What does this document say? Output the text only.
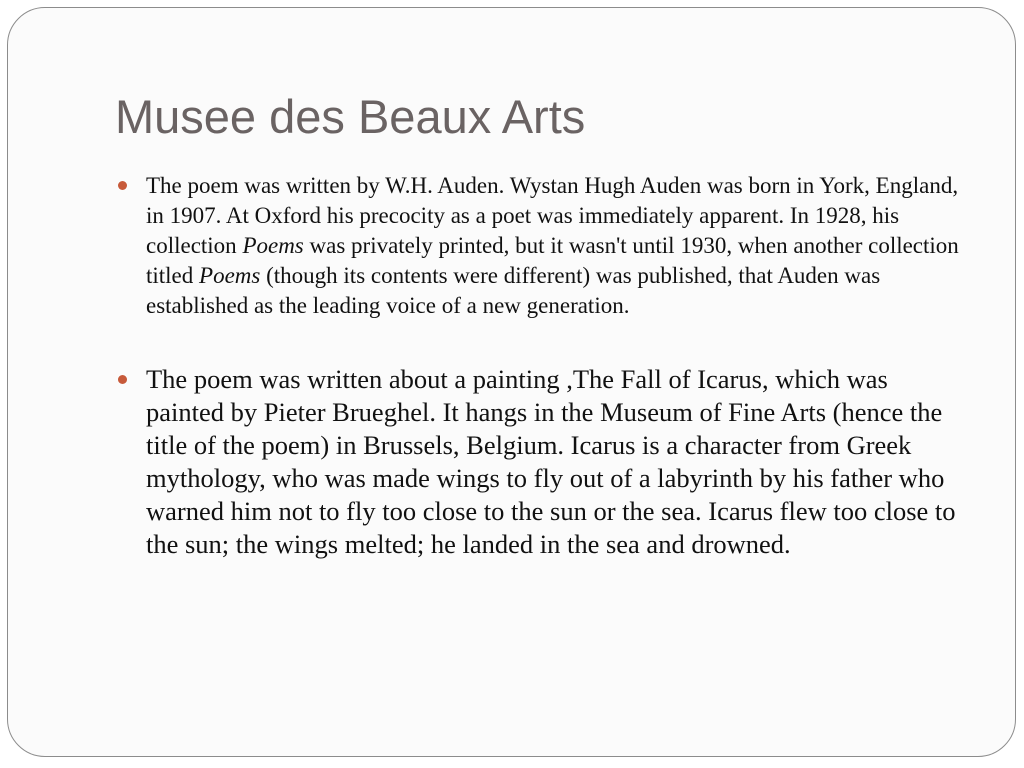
Musee des Beaux Arts
The poem was written by W.H. Auden. Wystan Hugh Auden was born in York, England, in 1907. At Oxford his precocity as a poet was immediately apparent. In 1928, his collection Poems was privately printed, but it wasn't until 1930, when another collection titled Poems (though its contents were different) was published, that Auden was established as the leading voice of a new generation.
The poem was written about a painting ,The Fall of Icarus, which was painted by Pieter Brueghel. It hangs in the Museum of Fine Arts (hence the title of the poem) in Brussels, Belgium. Icarus is a character from Greek mythology, who was made wings to fly out of a labyrinth by his father who warned him not to fly too close to the sun or the sea. Icarus flew too close to the sun; the wings melted; he landed in the sea and drowned.
